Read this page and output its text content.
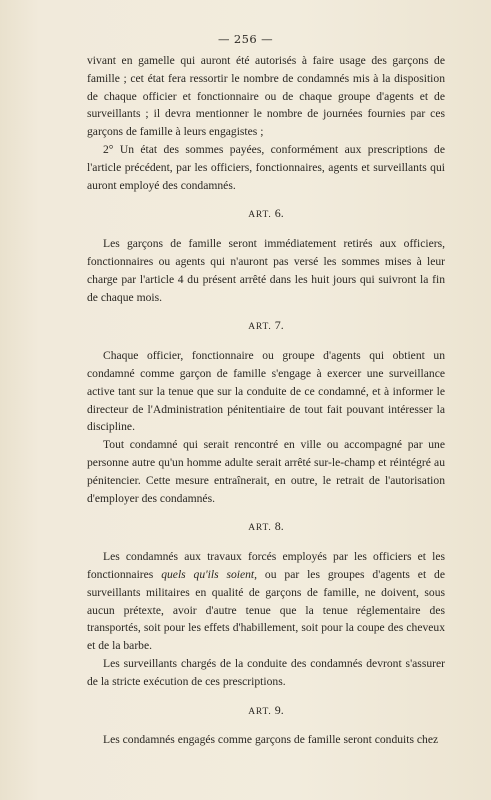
— 256 —

vivant en gamelle qui auront été autorisés à faire usage des garçons de famille ; cet état fera ressortir le nombre de condamnés mis à la disposition de chaque officier et fonctionnaire ou de chaque groupe d'agents et de surveillants ; il devra mentionner le nombre de journées fournies par ces garçons de famille à leurs engagistes ;

2° Un état des sommes payées, conformément aux prescriptions de l'article précédent, par les officiers, fonctionnaires, agents et surveillants qui auront employé des condamnés.

ART. 6.

Les garçons de famille seront immédiatement retirés aux officiers, fonctionnaires ou agents qui n'auront pas versé les sommes mises à leur charge par l'article 4 du présent arrêté dans les huit jours qui suivront la fin de chaque mois.

ART. 7.

Chaque officier, fonctionnaire ou groupe d'agents qui obtient un condamné comme garçon de famille s'engage à exercer une surveillance active tant sur la tenue que sur la conduite de ce condamné, et à informer le directeur de l'Administration pénitentiaire de tout fait pouvant intéresser la discipline.

Tout condamné qui serait rencontré en ville ou accompagné par une personne autre qu'un homme adulte serait arrêté sur-le-champ et réintégré au pénitencier. Cette mesure entraînerait, en outre, le retrait de l'autorisation d'employer des condamnés.

ART. 8.

Les condamnés aux travaux forcés employés par les officiers et les fonctionnaires quels qu'ils soient, ou par les groupes d'agents et de surveillants militaires en qualité de garçons de famille, ne doivent, sous aucun prétexte, avoir d'autre tenue que la tenue réglementaire des transportés, soit pour les effets d'habillement, soit pour la coupe des cheveux et de la barbe.

Les surveillants chargés de la conduite des condamnés devront s'assurer de la stricte exécution de ces prescriptions.

ART. 9.

Les condamnés engagés comme garçons de famille seront conduits chez
